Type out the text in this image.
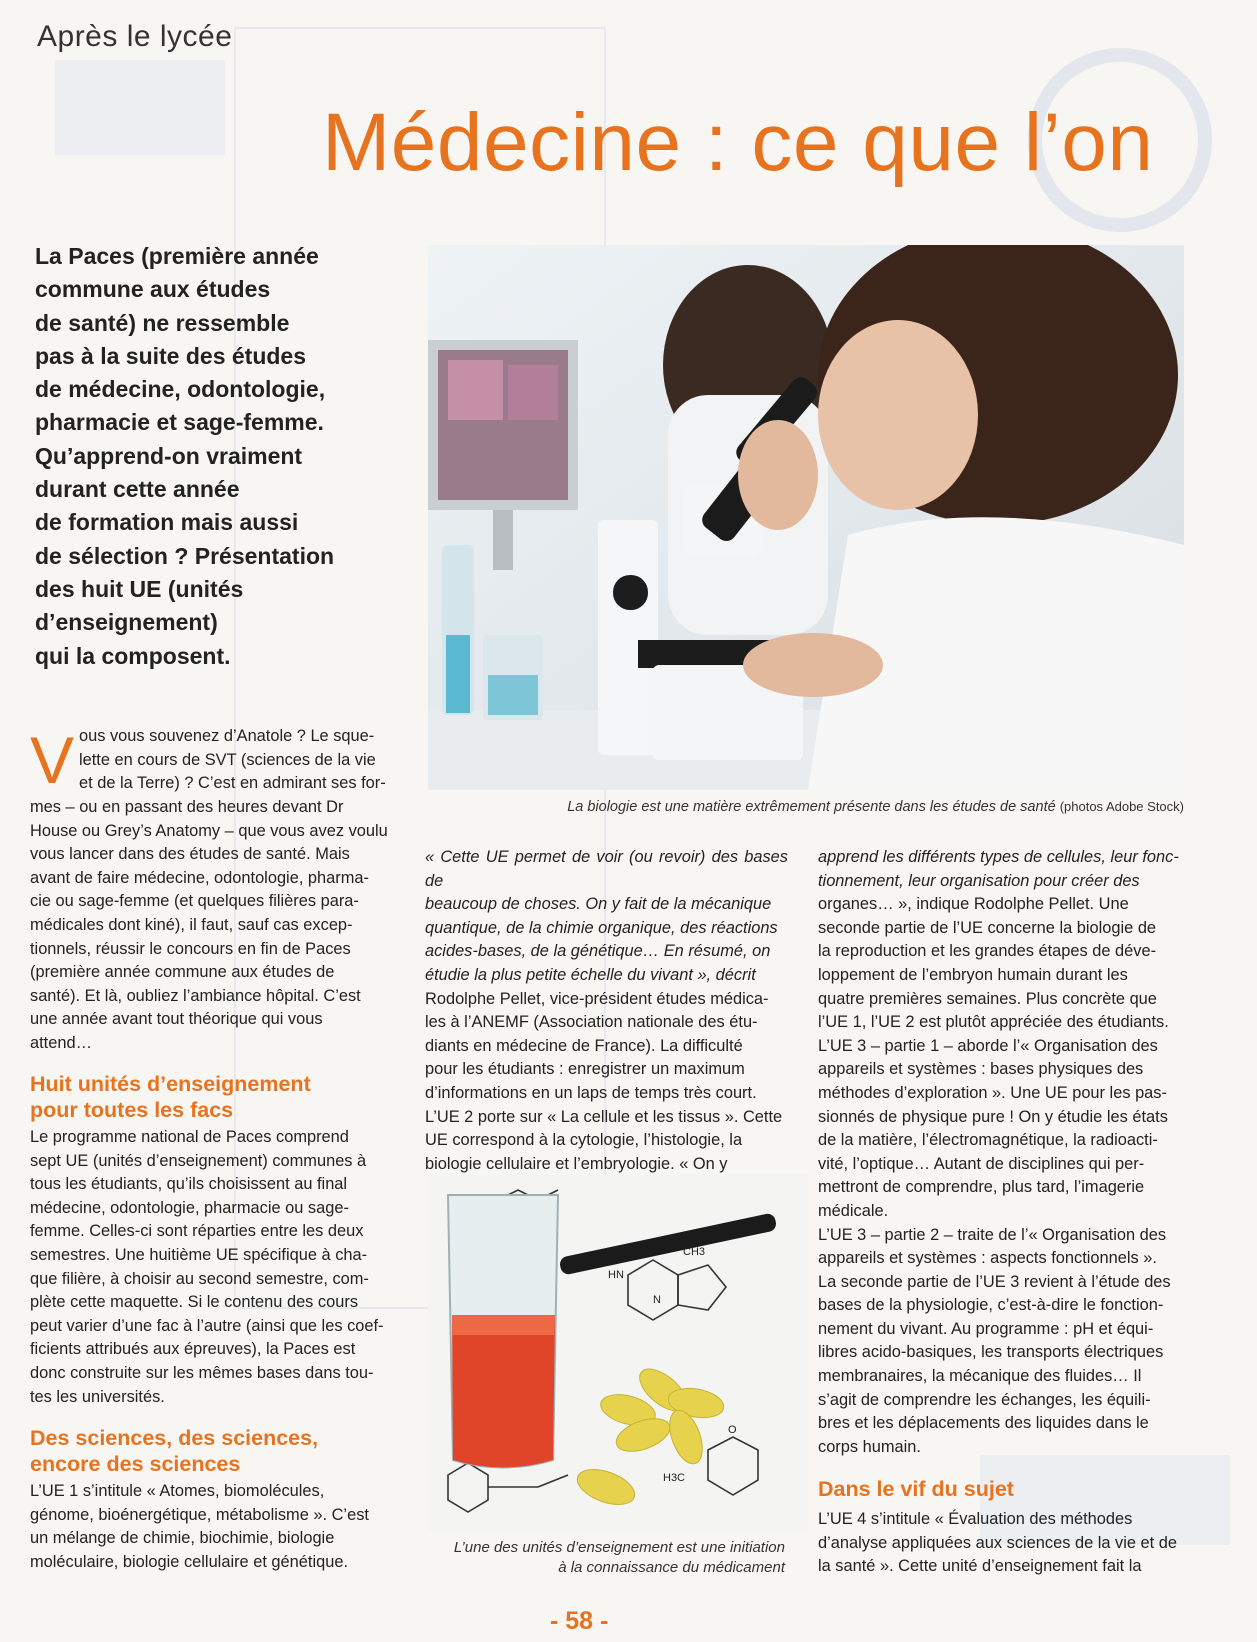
Après le lycée
Médecine : ce que l’on

La Paces (première année

commune aux études

de santé) ne ressemble

pas à la suite des études

de médecine, odontologie,

pharmacie et sage-femme.

Qu’apprend-on vraiment

durant cette année

de formation mais aussi

de sélection ? Présentation

des huit UE (unités

d’enseignement)

qui la composent.

La biologie est une matière extrêmement présente dans les études de santé (photos Adobe Stock)
V ous vous souvenez d’Anatole ? Le sque-

lette en cours de SVT (sciences de la vie

et de la Terre) ? C’est en admirant ses for-

mes – ou en passant des heures devant Dr

House ou Grey’s Anatomy – que vous avez voulu

vous lancer dans des études de santé. Mais

avant de faire médecine, odontologie, pharma-

cie ou sage-femme (et quelques filières para-

médicales dont kiné), il faut, sauf cas excep-

tionnels, réussir le concours en fin de Paces

(première année commune aux études de

santé). Et là, oubliez l’ambiance hôpital. C’est

une année avant tout théorique qui vous

attend…

Huit unités d’enseignement
pour toutes les facs

Le programme national de Paces comprend

sept UE (unités d’enseignement) communes à

tous les étudiants, qu’ils choisissent au final

médecine, odontologie, pharmacie ou sage-

femme. Celles-ci sont réparties entre les deux

semestres. Une huitième UE spécifique à cha-

que filière, à choisir au second semestre, com-

plète cette maquette. Si le contenu des cours

peut varier d’une fac à l’autre (ainsi que les coef-

ficients attribués aux épreuves), la Paces est

donc construite sur les mêmes bases dans tou-

tes les universités.

Des sciences, des sciences,
encore des sciences

L’UE 1 s’intitule « Atomes, biomolécules,

génome, bioénergétique, métabolisme ». C’est

un mélange de chimie, biochimie, biologie

moléculaire, biologie cellulaire et génétique.

« Cette UE permet de voir (ou revoir) des bases de

beaucoup de choses. On y fait de la mécanique

quantique, de la chimie organique, des réactions

acides-bases, de la génétique… En résumé, on

étudie la plus petite échelle du vivant », décrit

Rodolphe Pellet, vice-président études médica-

les à l’ANEMF (Association nationale des étu-

diants en médecine de France). La difficulté

pour les étudiants : enregistrer un maximum

d’informations en un laps de temps très court.

L’UE 2 porte sur « La cellule et les tissus ». Cette

UE correspond à la cytologie, l’histologie, la

biologie cellulaire et l’embryologie. « On y

CH3
HN
N
H3C
O
L’une des unités d’enseignement est une initiation
à la connaissance du médicament

apprend les différents types de cellules, leur fonc-

tionnement, leur organisation pour créer des

organes… », indique Rodolphe Pellet. Une

seconde partie de l’UE concerne la biologie de

la reproduction et les grandes étapes de déve-

loppement de l’embryon humain durant les

quatre premières semaines. Plus concrète que

l’UE 1, l’UE 2 est plutôt appréciée des étudiants.

L’UE 3 – partie 1 – aborde l’« Organisation des

appareils et systèmes : bases physiques des

méthodes d’exploration ». Une UE pour les pas-

sionnés de physique pure ! On y étudie les états

de la matière, l’électromagnétique, la radioacti-

vité, l’optique… Autant de disciplines qui per-

mettront de comprendre, plus tard, l’imagerie

médicale.

L’UE 3 – partie 2 – traite de l’« Organisation des

appareils et systèmes : aspects fonctionnels ».

La seconde partie de l’UE 3 revient à l’étude des

bases de la physiologie, c’est-à-dire le fonction-

nement du vivant. Au programme : pH et équi-

libres acido-basiques, les transports électriques

membranaires, la mécanique des fluides… Il

s’agit de comprendre les échanges, les équili-

bres et les déplacements des liquides dans le

corps humain.

Dans le vif du sujet

L’UE 4 s’intitule « Évaluation des méthodes

d’analyse appliquées aux sciences de la vie et de

la santé ». Cette unité d’enseignement fait la

- 58 -
